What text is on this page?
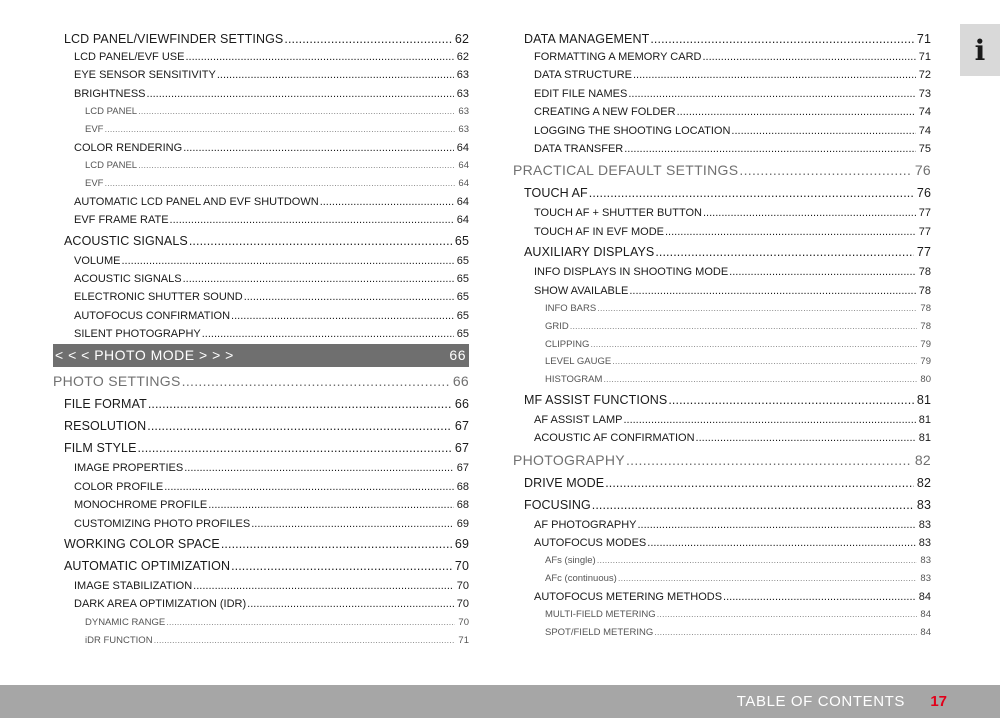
LCD PANEL/VIEWFINDER SETTINGS .....	62
LCD PANEL/EVF USE .....	62
EYE SENSOR SENSITIVITY .....	63
BRIGHTNESS .....	63
LCD PANEL .....	63
EVF .....	63
COLOR RENDERING .....	64
LCD PANEL .....	64
EVF .....	64
AUTOMATIC LCD PANEL AND EVF SHUTDOWN .....	64
EVF FRAME RATE .....	64
ACOUSTIC SIGNALS .....	65
VOLUME .....	65
ACOUSTIC SIGNALS .....	65
ELECTRONIC SHUTTER SOUND .....	65
AUTOFOCUS CONFIRMATION .....	65
SILENT PHOTOGRAPHY .....	65
< < < PHOTO MODE > > >	66
PHOTO SETTINGS .....	66
FILE FORMAT .....	66
RESOLUTION .....	67
FILM STYLE .....	67
IMAGE PROPERTIES .....	67
COLOR PROFILE .....	68
MONOCHROME PROFILE .....	68
CUSTOMIZING PHOTO PROFILES .....	69
WORKING COLOR SPACE .....	69
AUTOMATIC OPTIMIZATION .....	70
IMAGE STABILIZATION .....	70
DARK AREA OPTIMIZATION (IDR) .....	70
DYNAMIC RANGE .....	70
iDR FUNCTION .....	71
DATA MANAGEMENT .....	71
FORMATTING A MEMORY CARD .....	71
DATA STRUCTURE .....	72
EDIT FILE NAMES .....	73
CREATING A NEW FOLDER .....	74
LOGGING THE SHOOTING LOCATION .....	74
DATA TRANSFER .....	75
PRACTICAL DEFAULT SETTINGS .....	76
TOUCH AF .....	76
TOUCH AF + SHUTTER BUTTON .....	77
TOUCH AF IN EVF MODE .....	77
AUXILIARY DISPLAYS .....	77
INFO DISPLAYS IN SHOOTING MODE .....	78
SHOW AVAILABLE .....	78
INFO BARS .....	78
GRID .....	78
CLIPPING .....	79
LEVEL GAUGE .....	79
HISTOGRAM .....	80
MF ASSIST FUNCTIONS .....	81
AF ASSIST LAMP .....	81
ACOUSTIC AF CONFIRMATION .....	81
PHOTOGRAPHY .....	82
DRIVE MODE .....	82
FOCUSING .....	83
AF PHOTOGRAPHY .....	83
AUTOFOCUS MODES .....	83
AFs (single) .....	83
AFc (continuous) .....	83
AUTOFOCUS METERING METHODS .....	84
MULTI-FIELD METERING .....	84
SPOT/FIELD METERING .....	84
i
TABLE OF CONTENTS 17
